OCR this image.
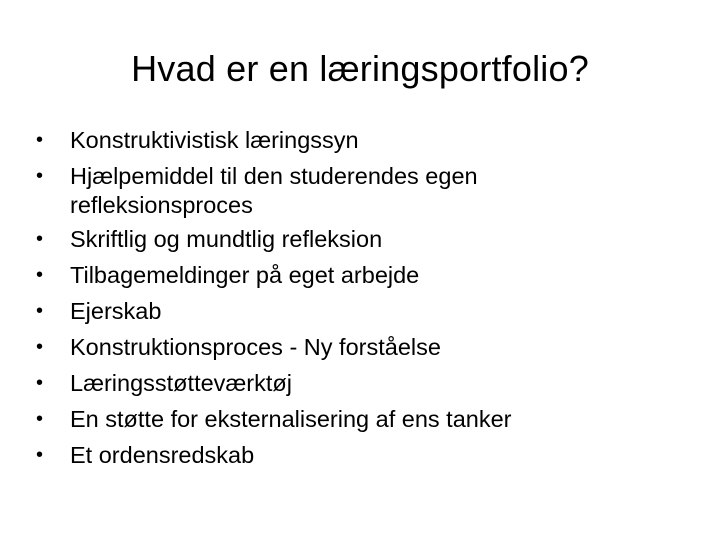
Hvad er en læringsportfolio?
•	Konstruktivistisk læringssyn
•	Hjælpemiddel til den studerendes egen refleksionsproces
•	Skriftlig og mundtlig refleksion
•	Tilbagemeldinger på eget arbejde
•	Ejerskab
•	Konstruktionsproces - Ny forståelse
•	Læringsstøtteværktøj
•	En støtte for eksternalisering af ens tanker
•	Et ordensredskab
